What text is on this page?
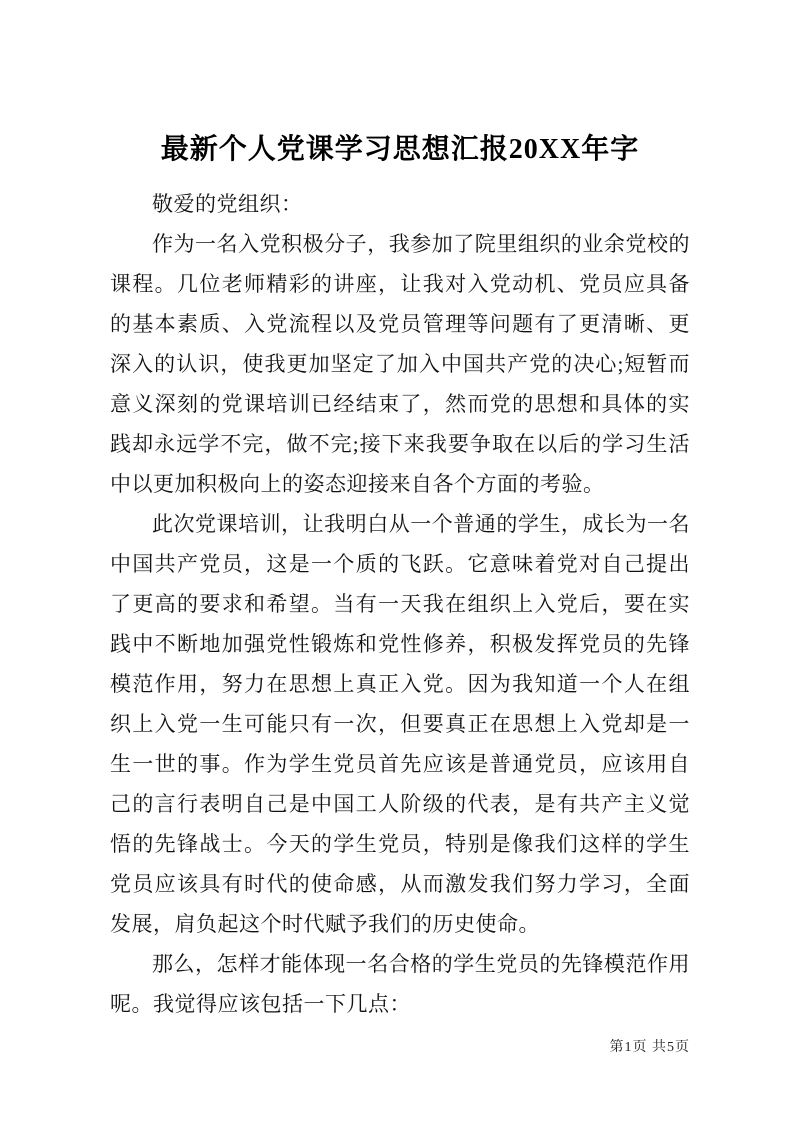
最新个人党课学习思想汇报20XX年字

敬爱的党组织：

作为一名入党积极分子，我参加了院里组织的业余党校的课程。几位老师精彩的讲座，让我对入党动机、党员应具备的基本素质、入党流程以及党员管理等问题有了更清晰、更深入的认识，使我更加坚定了加入中国共产党的决心;短暂而意义深刻的党课培训已经结束了，然而党的思想和具体的实践却永远学不完，做不完;接下来我要争取在以后的学习生活中以更加积极向上的姿态迎接来自各个方面的考验。

此次党课培训，让我明白从一个普通的学生，成长为一名中国共产党员，这是一个质的飞跃。它意味着党对自己提出了更高的要求和希望。当有一天我在组织上入党后，要在实践中不断地加强党性锻炼和党性修养，积极发挥党员的先锋模范作用，努力在思想上真正入党。因为我知道一个人在组织上入党一生可能只有一次，但要真正在思想上入党却是一生一世的事。作为学生党员首先应该是普通党员，应该用自己的言行表明自己是中国工人阶级的代表，是有共产主义觉悟的先锋战士。今天的学生党员，特别是像我们这样的学生党员应该具有时代的使命感，从而激发我们努力学习，全面发展，肩负起这个时代赋予我们的历史使命。

那么，怎样才能体现一名合格的学生党员的先锋模范作用呢。我觉得应该包括一下几点：

第1页 共5页
